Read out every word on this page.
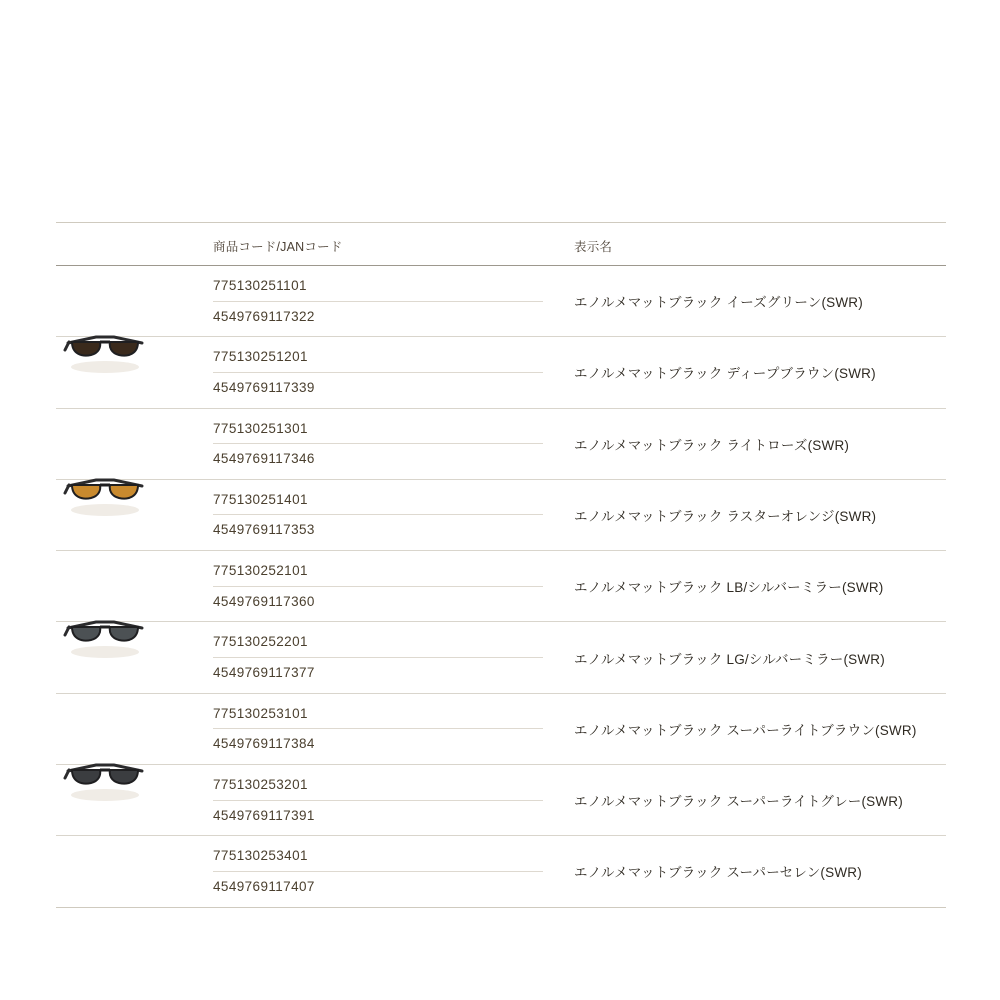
	商品コード/JANコード	表示名

	775130251101
4549769117322	エノルメマットブラック イーズグリーン(SWR)

775130251201
4549769117339	エノルメマットブラック ディープブラウン(SWR)

	775130251301
4549769117346	エノルメマットブラック ライトローズ(SWR)

775130251401
4549769117353	エノルメマットブラック ラスターオレンジ(SWR)

	775130252101
4549769117360	エノルメマットブラック LB/シルバーミラー(SWR)

775130252201
4549769117377	エノルメマットブラック LG/シルバーミラー(SWR)

	775130253101
4549769117384	エノルメマットブラック スーパーライトブラウン(SWR)

775130253201
4549769117391	エノルメマットブラック スーパーライトグレー(SWR)

	775130253401
4549769117407	エノルメマットブラック スーパーセレン(SWR)
